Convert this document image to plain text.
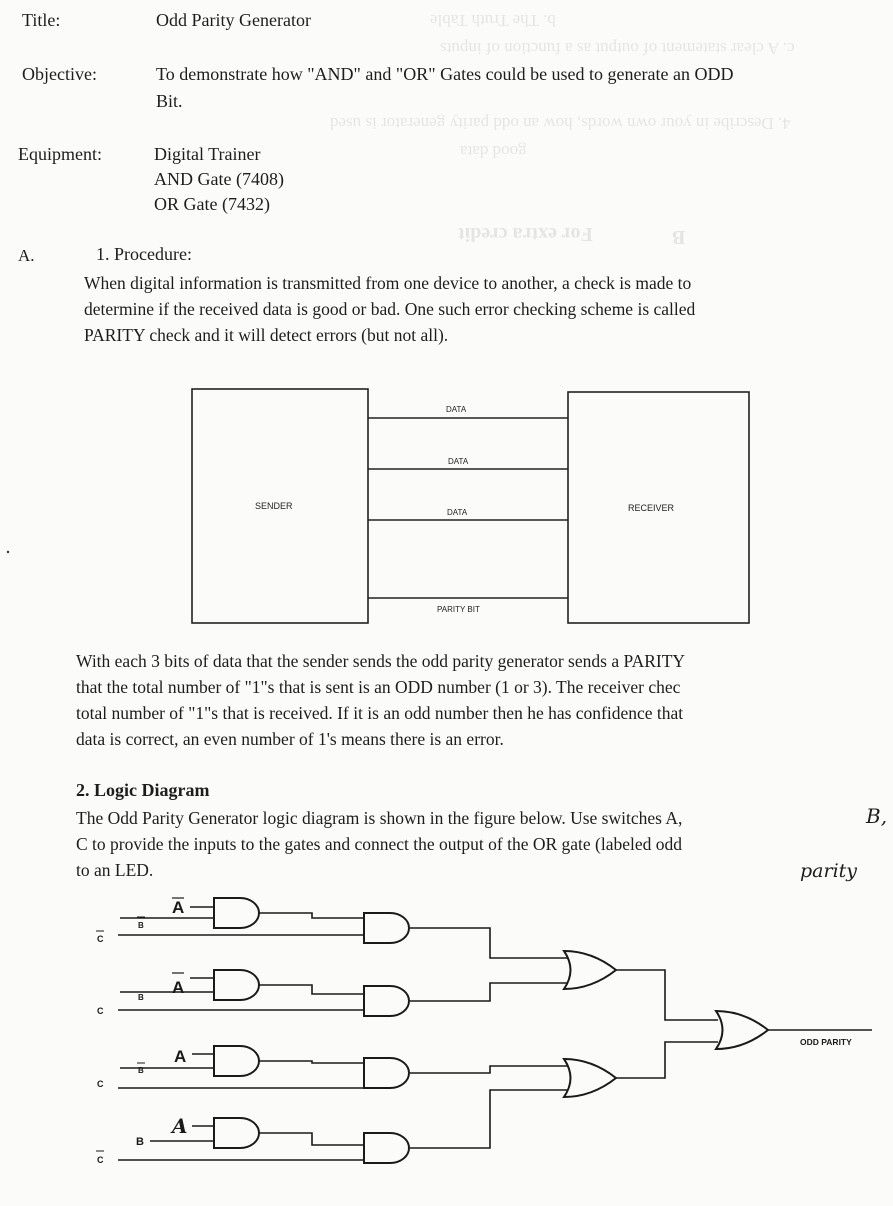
b. The Truth Table
c. A clear statement of output as a function of inputs
4. Describe in your own words, how an odd parity generator is used
good data
For extra credit	B
Title:	Odd Parity Generator
Objective:	To demonstrate how "AND" and "OR" Gates could be used to generate an ODD
Bit.
Equipment:	Digital Trainer
AND Gate (7408)
OR Gate (7432)
A.	1. Procedure:
When digital information is transmitted from one device to another, a check is made to
determine if the received data is good or bad. One such error checking scheme is called
PARITY check and it will detect errors (but not all).
SENDER	RECEIVER
DATA
DATA
DATA
PARITY BIT
With each 3 bits of data that the sender sends the odd parity generator sends a PARITY
that the total number of "1"s that is sent is an ODD number (1 or 3). The receiver chec
total number of "1"s that is received. If it is an odd number then he has confidence that
data is correct, an even number of 1's means there is an error.
2. Logic Diagram
The Odd Parity Generator logic diagram is shown in the figure below. Use switches A,
C to provide the inputs to the gates and connect the output of the OR gate (labeled odd
to an LED.
B,
parity
A
B
C
A
B
C
A
B
C
A
B
C
ODD PARITY
